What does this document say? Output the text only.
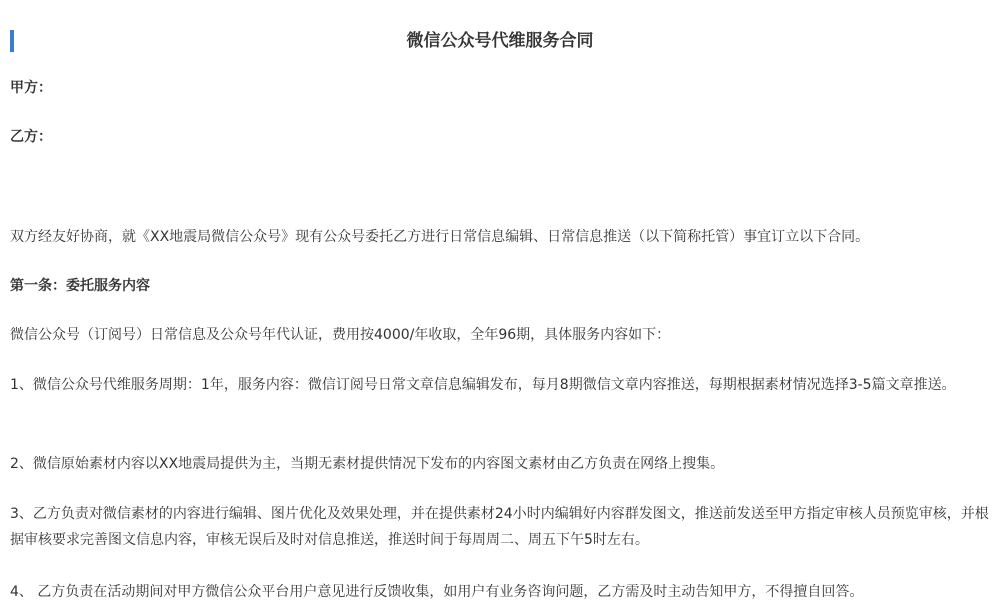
微信公众号代维服务合同
甲方：
乙方：
双方经友好协商，就《XX地震局微信公众号》现有公众号委托乙方进行日常信息编辑、日常信息推送（以下简称托管）事宜订立以下合同。
第一条：委托服务内容
微信公众号（订阅号）日常信息及公众号年代认证，费用按4000/年收取，全年96期，具体服务内容如下：
1、微信公众号代维服务周期：1年，服务内容：微信订阅号日常文章信息编辑发布，每月8期微信文章内容推送，每期根据素材情况选择3-5篇文章推送。
2、微信原始素材内容以XX地震局提供为主，当期无素材提供情况下发布的内容图文素材由乙方负责在网络上搜集。
3、乙方负责对微信素材的内容进行编辑、图片优化及效果处理，并在提供素材24小时内编辑好内容群发图文，推送前发送至甲方指定审核人员预览审核，并根据审核要求完善图文信息内容，审核无误后及时对信息推送，推送时间于每周周二、周五下午5时左右。
4、 乙方负责在活动期间对甲方微信公众平台用户意见进行反馈收集，如用户有业务咨询问题，乙方需及时主动告知甲方，不得擅自回答。
